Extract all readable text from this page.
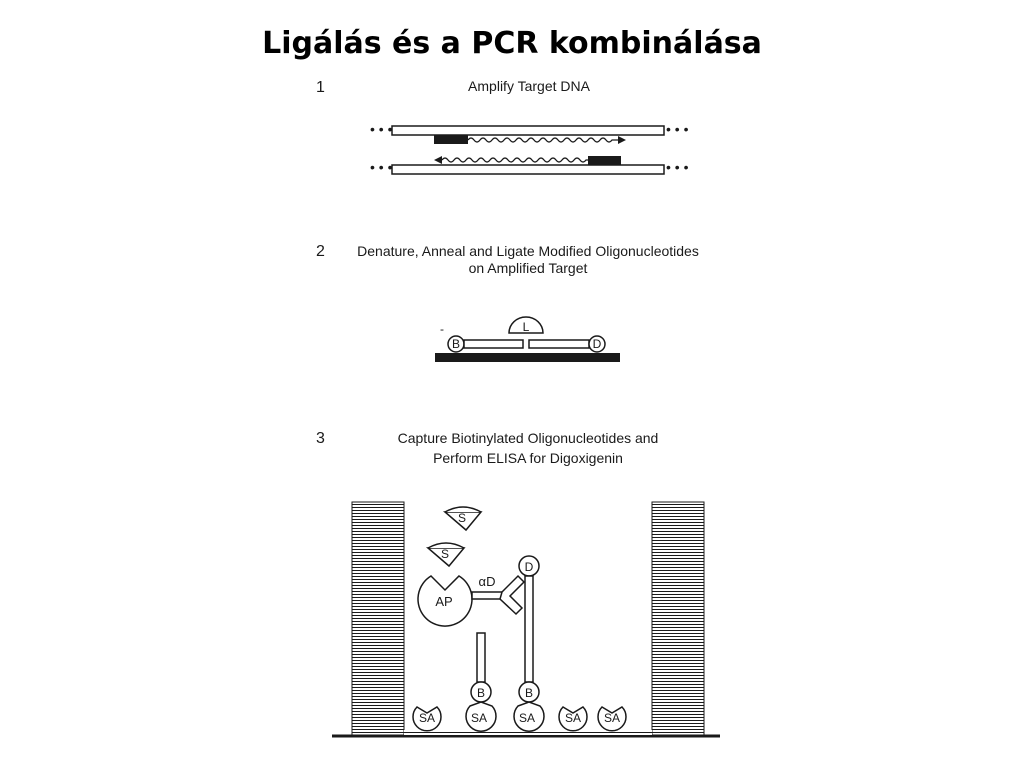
Ligálás és a PCR kombinálása
1	Amplify Target DNA
• • •	• • •
• • •	• • •
2 Denature, Anneal and Ligate Modified Oligonucleotides
on Amplified Target
L
-
B	D
3	Capture Biotinylated Oligonucleotides and
Perform ELISA for Digoxigenin
S
S
AP
αD
D
B	B
SA	SA	SA SA SA
